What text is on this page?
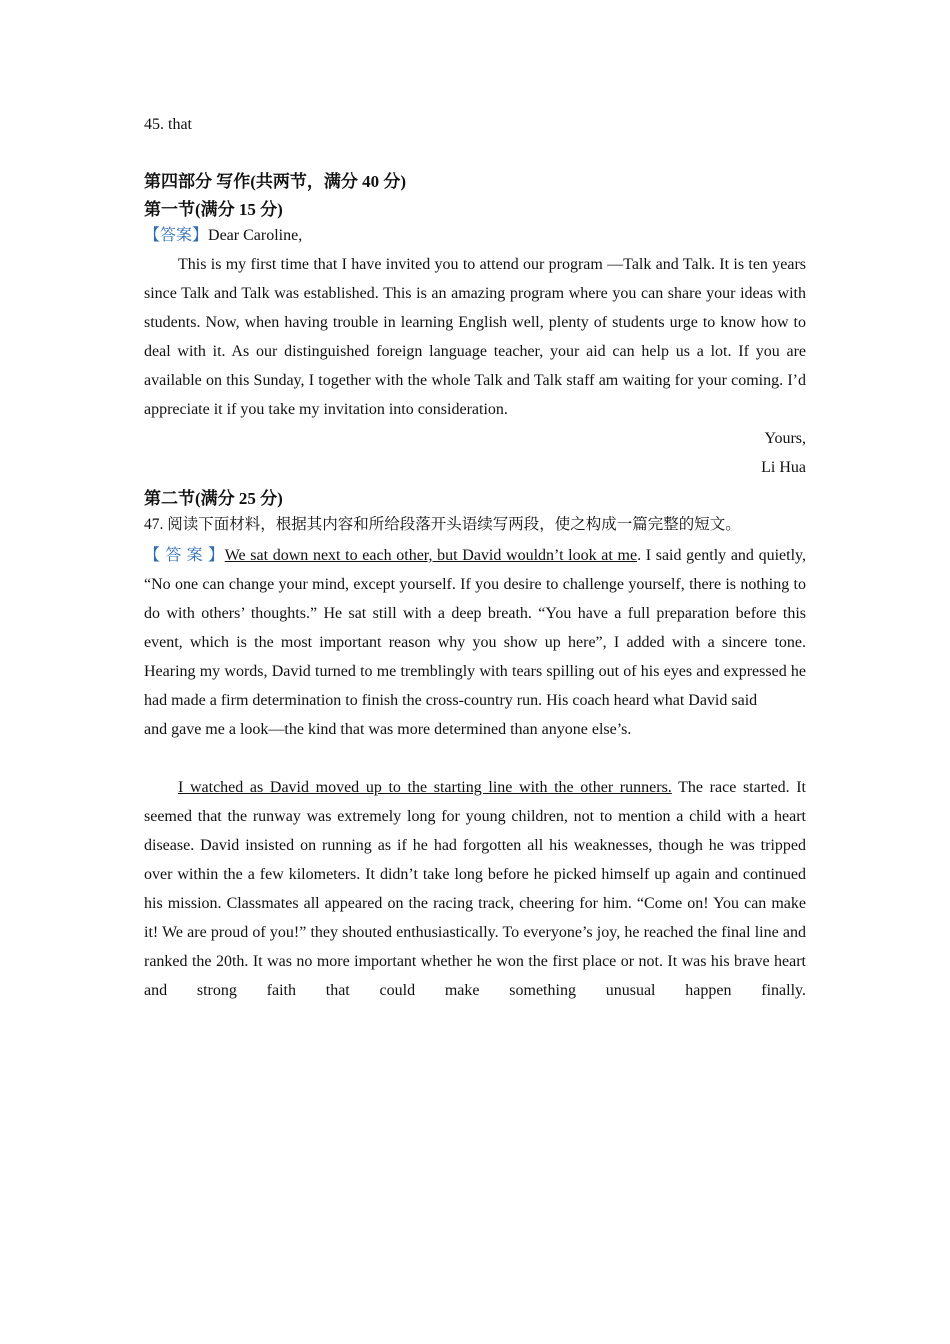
45. that
第四部分 写作(共两节，满分 40 分)
第一节(满分 15 分)

【答案】Dear Caroline,

This is my first time that I have invited you to attend our program —Talk and Talk. It is ten years since Talk and Talk was established. This is an amazing program where you can share your ideas with students. Now, when having trouble in learning English well, plenty of students urge to know how to deal with it. As our distinguished foreign language teacher, your aid can help us a lot. If you are available on this Sunday, I together with the whole Talk and Talk staff am waiting for your coming. I’d appreciate it if you take my invitation into consideration.

Yours,

Li Hua

第二节(满分 25 分)
47. 阅读下面材料，根据其内容和所给段落开头语续写两段，使之构成一篇完整的短文。

【 答 案 】We sat down next to each other, but David wouldn’t look at me. I said gently and quietly, “No one can change your mind, except yourself. If you desire to challenge yourself, there is nothing to do with others’ thoughts.” He sat still with a deep breath. “You have a full preparation before this event, which is the most important reason why you show up here”, I added with a sincere tone. Hearing my words, David turned to me tremblingly with tears spilling out of his eyes and expressed he had made a firm determination to finish the cross-country run. His coach heard what David said

and gave me a look—the kind that was more determined than anyone else’s.

I watched as David moved up to the starting line with the other runners. The race started. It seemed that the runway was extremely long for young children, not to mention a child with a heart disease. David insisted on running as if he had forgotten all his weaknesses, though he was tripped over within the a few kilometers. It didn’t take long before he picked himself up again and continued his mission. Classmates all appeared on the racing track, cheering for him. “Come on! You can make it! We are proud of you!” they shouted enthusiastically. To everyone’s joy, he reached the final line and ranked the 20th. It was no more important whether he won the first place or not. It was his brave heart and strong faith that could make something unusual happen finally.
